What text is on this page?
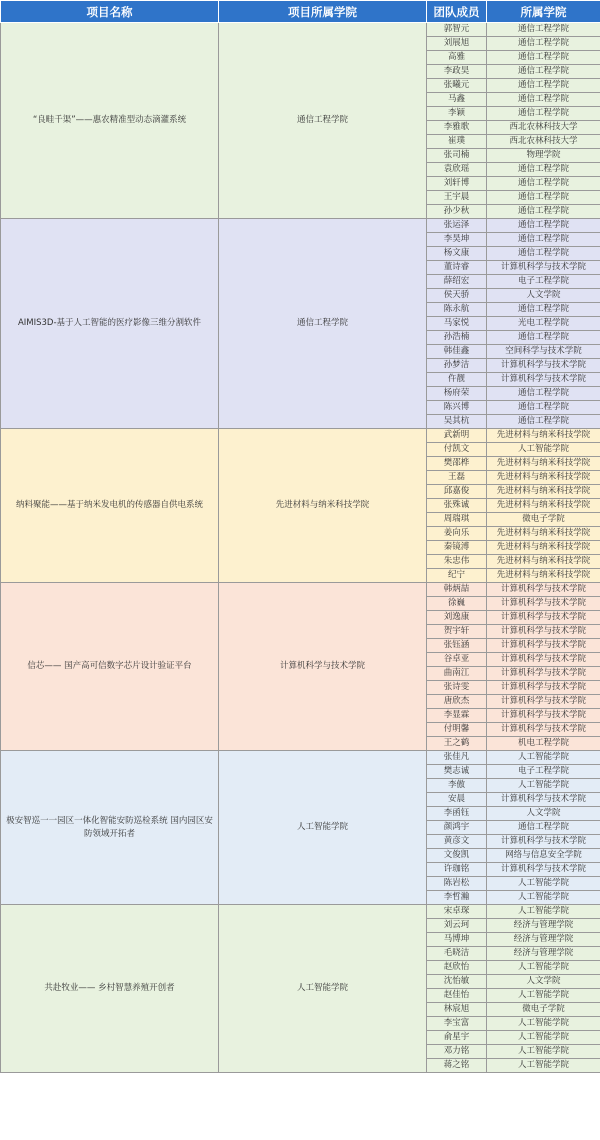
项目名称	项目所属学院	团队成员	所属学院
“良畦千渠”——惠农精准型动态滴灌系统	通信工程学院	郭智元	通信工程学院
		刘展旭	通信工程学院
		高雅	通信工程学院
		李政昊	通信工程学院
		张曦元	通信工程学院
		马鑫	通信工程学院
		李颖	通信工程学院
		李雅歌	西北农林科技大学
		崔璞	西北农林科技大学
		张司楠	物理学院
		袁欣瑶	通信工程学院
		刘轩博	通信工程学院
		王宇晨	通信工程学院
		孙少秋	通信工程学院
AIMIS3D-基于人工智能的医疗影像三维分割软件	通信工程学院	张运泽	通信工程学院
		李昊坤	通信工程学院
		杨文康	通信工程学院
		董诗睿	计算机科学与技术学院
		薛绍宏	电子工程学院
		侯天骄	人文学院
		陈永航	通信工程学院
		马家悦	光电工程学院
		孙浩楠	通信工程学院
		韩佳鑫	空间科学与技术学院
		孙梦洁	计算机科学与技术学院
		仵靓	计算机科学与技术学院
		杨府荣	通信工程学院
		陈兴博	通信工程学院
		吴其杭	通信工程学院
纳料聚能——基于纳米发电机的传感器自供电系统	先进材料与纳米科技学院	武新明	先进材料与纳米科技学院
		付凯文	人工智能学院
		樊邵桦	先进材料与纳米科技学院
		王磊	先进材料与纳米科技学院
		邱嘉俊	先进材料与纳米科技学院
		张殊诚	先进材料与纳米科技学院
		周瑞琪	微电子学院
		姜向乐	先进材料与纳米科技学院
		秦镜溥	先进材料与纳米科技学院
		朱忠伟	先进材料与纳米科技学院
		纪宁	先进材料与纳米科技学院
信芯—— 国产高可信数字芯片设计验证平台	计算机科学与技术学院	韩炳喆	计算机科学与技术学院
		徐巍	计算机科学与技术学院
		刘逸康	计算机科学与技术学院
		贺宇轩	计算机科学与技术学院
		张钰涵	计算机科学与技术学院
		谷卓亚	计算机科学与技术学院
		曲南江	计算机科学与技术学院
		张诗雯	计算机科学与技术学院
		唐欣杰	计算机科学与技术学院
		李显霖	计算机科学与技术学院
		付明馨	计算机科学与技术学院
		王之鹤	机电工程学院
极安智巡一一园区一体化智能安防巡检系统 国内园区安防领域开拓者	人工智能学院	张佳凡	人工智能学院
		樊志诚	电子工程学院
		李傲	人工智能学院
		安晨	计算机科学与技术学院
		李函钰	人文学院
		颜鸿宇	通信工程学院
		黄彦文	计算机科学与技术学院
		文俊凯	网络与信息安全学院
		许珈铭	计算机科学与技术学院
		陈岩松	人工智能学院
		李哲瀚	人工智能学院
共赴牧业—— 乡村智慧养殖开创者	人工智能学院	宋卓琛	人工智能学院
		刘云珂	经济与管理学院
		马博坤	经济与管理学院
		毛晓洁	经济与管理学院
		赵欣怡	人工智能学院
		沈怡敏	人文学院
		赵佳怡	人工智能学院
		林宸旭	微电子学院
		李宝富	人工智能学院
		俞星宇	人工智能学院
		邓力铭	人工智能学院
		蒋之铭	人工智能学院
